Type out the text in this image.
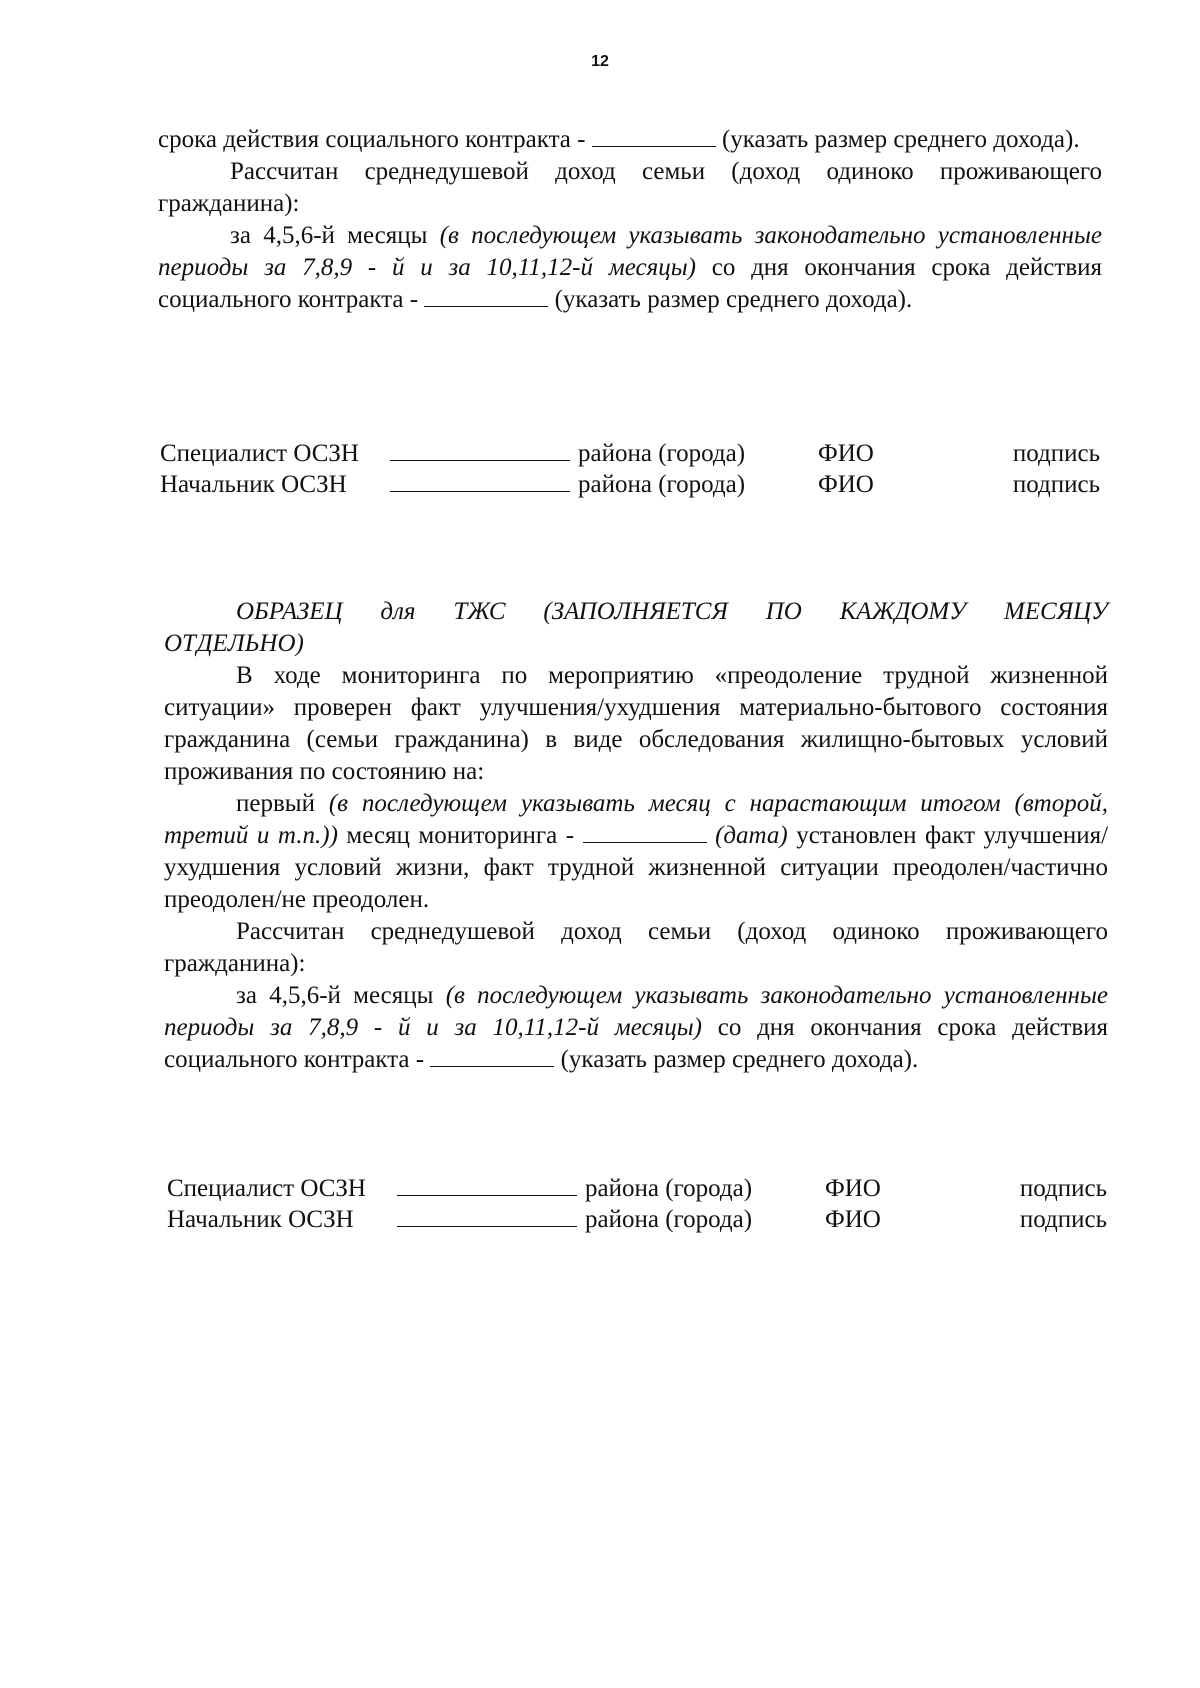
12

срока действия социального контракта -	(указать размер среднего дохода).

Рассчитан среднедушевой доход семьи (доход одиноко проживающего гражданина):

за 4,5,6-й месяцы (в последующем указывать законодательно установленные периоды за 7,8,9 - й и за 10,11,12-й месяцы) со дня окончания срока действия социального контракта -	(указать размер среднего дохода).

Специалист ОСЗН		района (города)	ФИО	подпись
Начальник ОСЗН		района (города)	ФИО	подпись

ОБРАЗЕЦ для ТЖС (ЗАПОЛНЯЕТСЯ ПО КАЖДОМУ МЕСЯЦУ

ОТДЕЛЬНО)

В ходе мониторинга по мероприятию «преодоление трудной жизненной ситуации» проверен факт улучшения/ухудшения материально-бытового состояния гражданина (семьи гражданина) в виде обследования жилищно-бытовых условий проживания по состоянию на:

первый (в последующем указывать месяц с нарастающим итогом (второй, третий и т.п.)) месяц мониторинга -	(дата) установлен факт улучшения/ухудшения условий жизни, факт трудной жизненной ситуации преодолен/частично преодолен/не преодолен.

Рассчитан среднедушевой доход семьи (доход одиноко проживающего гражданина):

за 4,5,6-й месяцы (в последующем указывать законодательно установленные периоды за 7,8,9 - й и за 10,11,12-й месяцы) со дня окончания срока действия социального контракта -	(указать размер среднего дохода).

Специалист ОСЗН		района (города)	ФИО	подпись
Начальник ОСЗН		района (города)	ФИО	подпись
